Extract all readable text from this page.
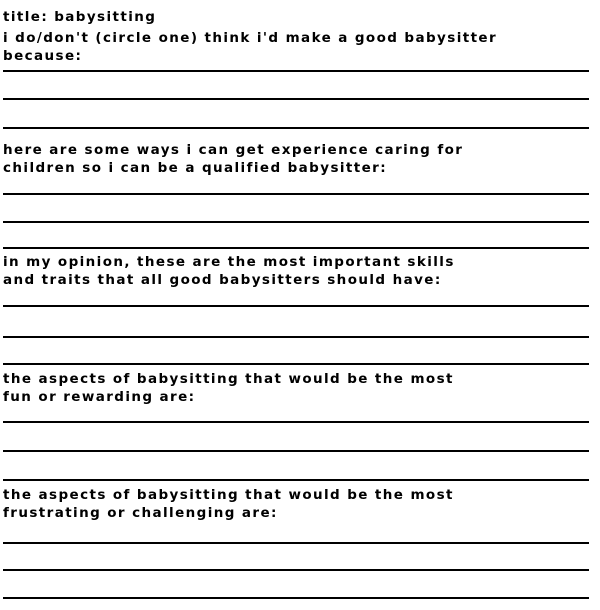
title: babysitting
i do/don't (circle one) think i'd make a good babysitter
because:
here are some ways i can get experience caring for
children so i can be a qualified babysitter:
in my opinion, these are the most important skills
and traits that all good babysitters should have:
the aspects of babysitting that would be the most
fun or rewarding are:
the aspects of babysitting that would be the most
frustrating or challenging are:
